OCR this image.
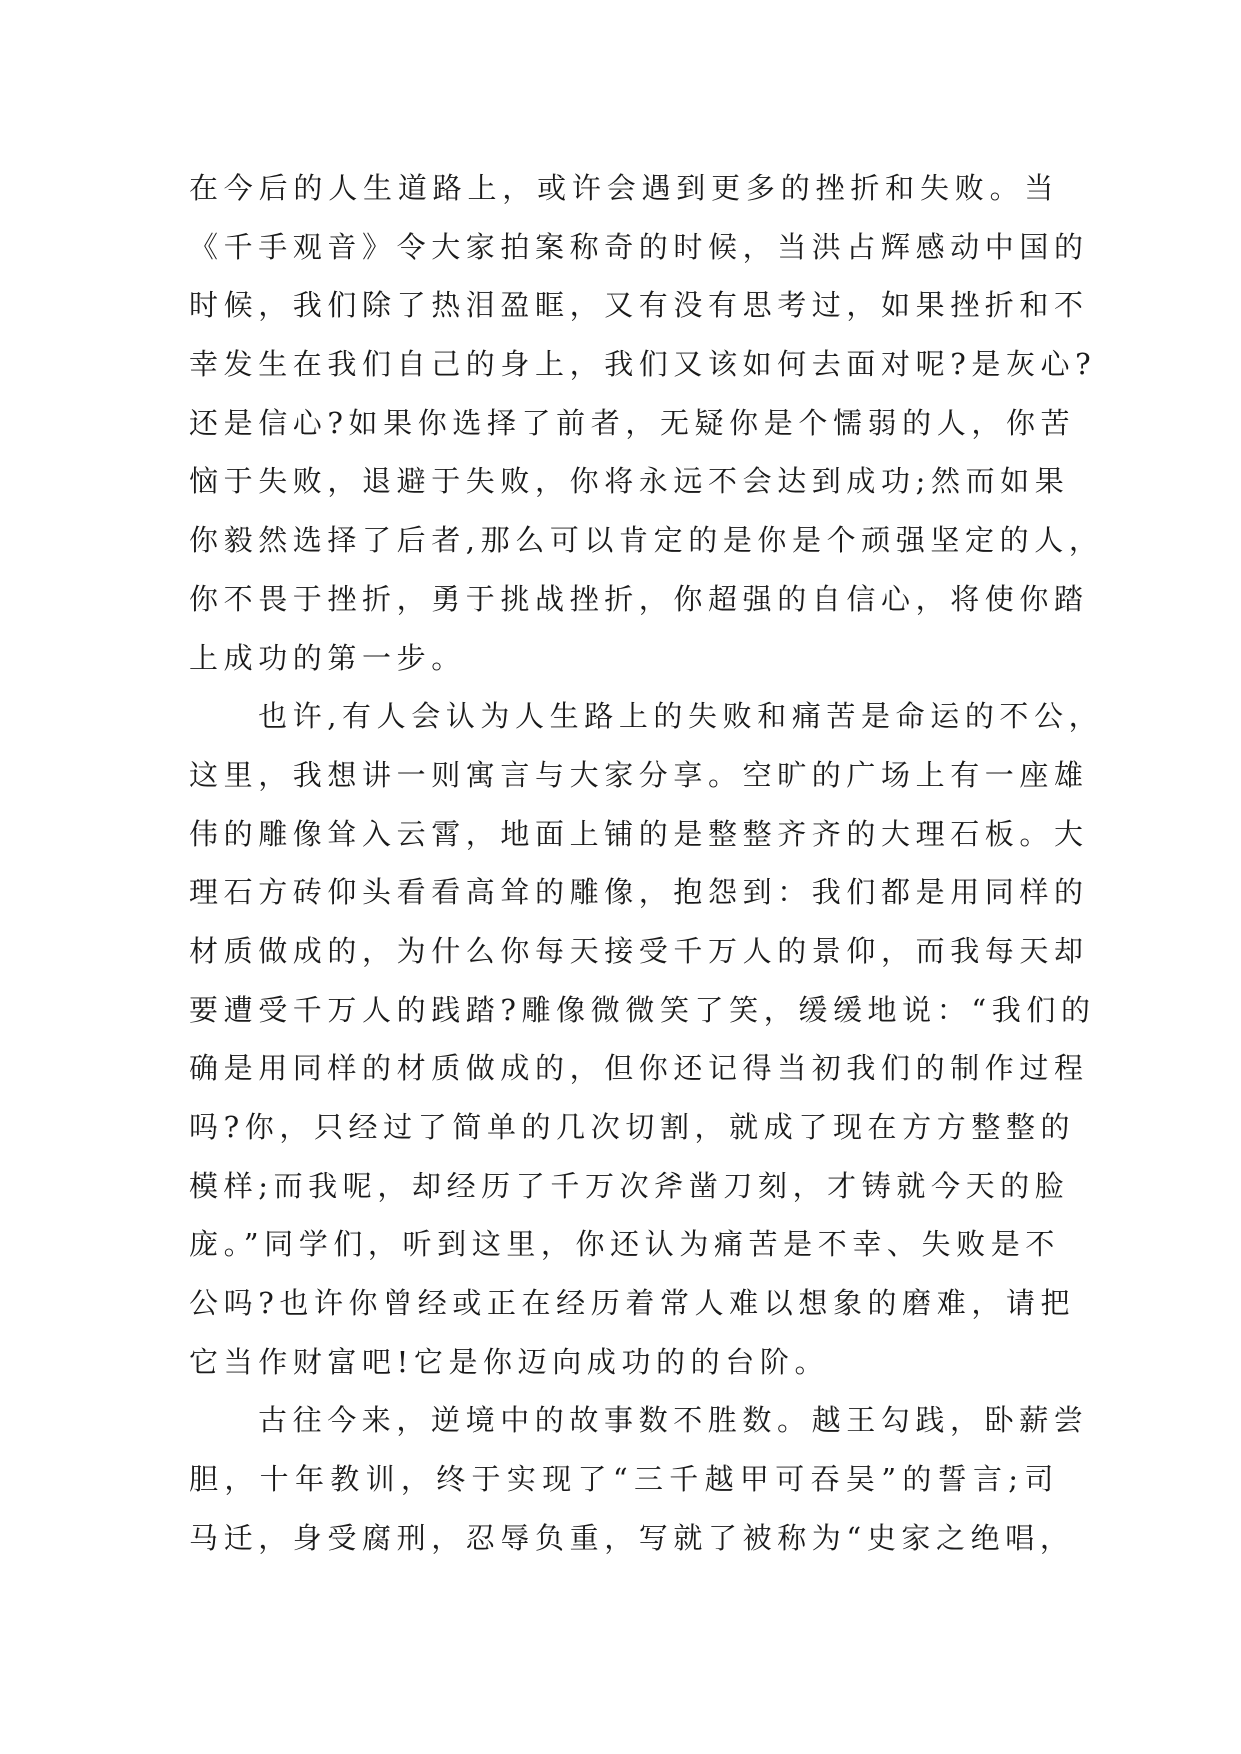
在今后的人生道路上，或许会遇到更多的挫折和失败。当
《千手观音》令大家拍案称奇的时候，当洪占辉感动中国的
时候，我们除了热泪盈眶，又有没有思考过，如果挫折和不
幸发生在我们自己的身上，我们又该如何去面对呢?是灰心?
还是信心?如果你选择了前者，无疑你是个懦弱的人，你苦
恼于失败，退避于失败，你将永远不会达到成功;然而如果
你毅然选择了后者,那么可以肯定的是你是个顽强坚定的人，
你不畏于挫折，勇于挑战挫折，你超强的自信心，将使你踏
上成功的第一步。
也许,有人会认为人生路上的失败和痛苦是命运的不公，
这里，我想讲一则寓言与大家分享。空旷的广场上有一座雄
伟的雕像耸入云霄，地面上铺的是整整齐齐的大理石板。大
理石方砖仰头看看高耸的雕像，抱怨到：我们都是用同样的
材质做成的，为什么你每天接受千万人的景仰，而我每天却
要遭受千万人的践踏?雕像微微笑了笑，缓缓地说：“我们的
确是用同样的材质做成的，但你还记得当初我们的制作过程
吗?你，只经过了简单的几次切割，就成了现在方方整整的
模样;而我呢，却经历了千万次斧凿刀刻，才铸就今天的脸
庞。”同学们，听到这里，你还认为痛苦是不幸、失败是不
公吗?也许你曾经或正在经历着常人难以想象的磨难，请把
它当作财富吧!它是你迈向成功的的台阶。
古往今来，逆境中的故事数不胜数。越王勾践，卧薪尝
胆，十年教训，终于实现了“三千越甲可吞吴”的誓言;司
马迁，身受腐刑，忍辱负重，写就了被称为“史家之绝唱，
